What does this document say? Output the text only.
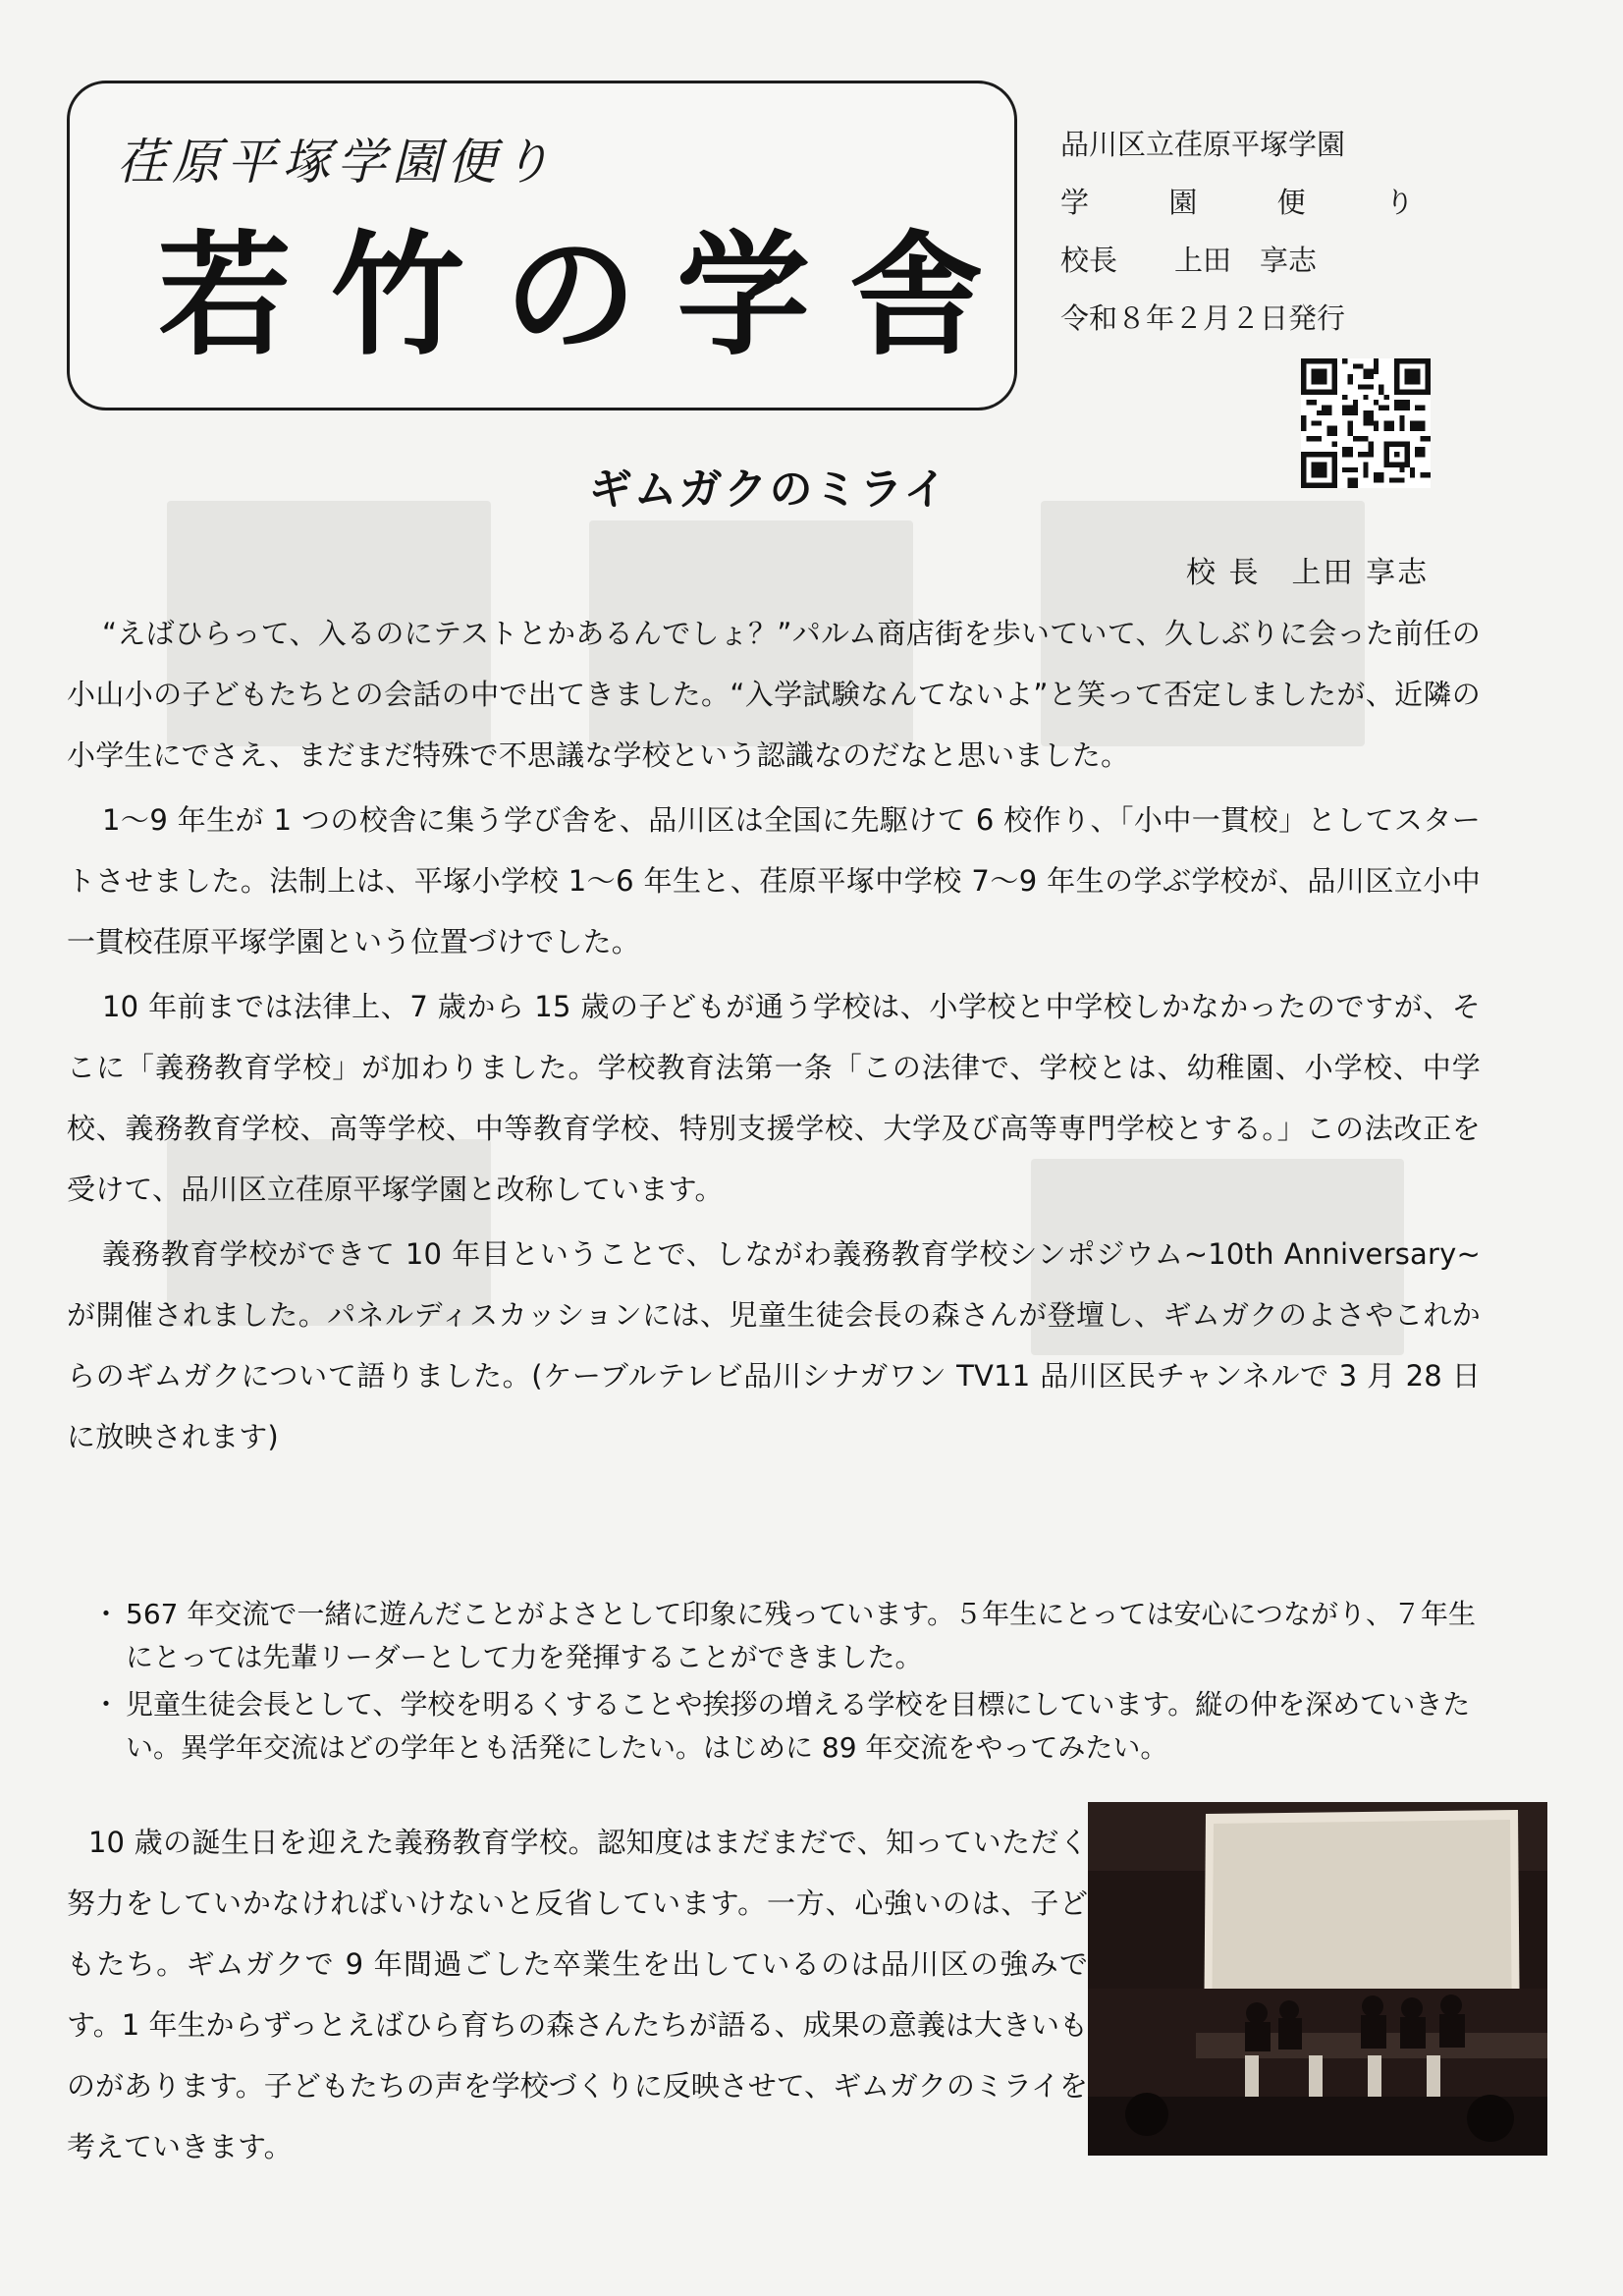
荏原平塚学園便り
若竹の学舎
品川区立荏原平塚学園
学	園	便	り
校長　　上田　享志
令和８年２月２日発行
ギムガクのミライ
校 長　上田 享志

“えばひらって、入るのにテストとかあるんでしょ？”パルム商店街を歩いていて、久しぶりに会った前任の小山小の子どもたちとの会話の中で出てきました。“入学試験なんてないよ”と笑って否定しましたが、近隣の小学生にでさえ、まだまだ特殊で不思議な学校という認識なのだなと思いました。

1～9 年生が 1 つの校舎に集う学び舎を、品川区は全国に先駆けて 6 校作り、「小中一貫校」としてスタートさせました。法制上は、平塚小学校 1～6 年生と、荏原平塚中学校 7～9 年生の学ぶ学校が、品川区立小中一貫校荏原平塚学園という位置づけでした。

10 年前までは法律上、7 歳から 15 歳の子どもが通う学校は、小学校と中学校しかなかったのですが、そこに「義務教育学校」が加わりました。学校教育法第一条「この法律で、学校とは、幼稚園、小学校、中学校、義務教育学校、高等学校、中等教育学校、特別支援学校、大学及び高等専門学校とする。」この法改正を受けて、品川区立荏原平塚学園と改称しています。

義務教育学校ができて 10 年目ということで、しながわ義務教育学校シンポジウム~10th Anniversary~が開催されました。パネルディスカッションには、児童生徒会長の森さんが登壇し、ギムガクのよさやこれからのギムガクについて語りました。(ケーブルテレビ品川シナガワン TV11 品川区民チャンネルで 3 月 28 日に放映されます)

・ 567 年交流で一緒に遊んだことがよさとして印象に残っています。５年生にとっては安心につながり、７年生にとっては先輩リーダーとして力を発揮することができました。
・ 児童生徒会長として、学校を明るくすることや挨拶の増える学校を目標にしています。縦の仲を深めていきたい。異学年交流はどの学年とも活発にしたい。はじめに 89 年交流をやってみたい。

10 歳の誕生日を迎えた義務教育学校。認知度はまだまだで、知っていただく努力をしていかなければいけないと反省しています。一方、心強いのは、子どもたち。ギムガクで 9 年間過ごした卒業生を出しているのは品川区の強みです。1 年生からずっとえばひら育ちの森さんたちが語る、成果の意義は大きいものがあります。子どもたちの声を学校づくりに反映させて、ギムガクのミライを考えていきます。
